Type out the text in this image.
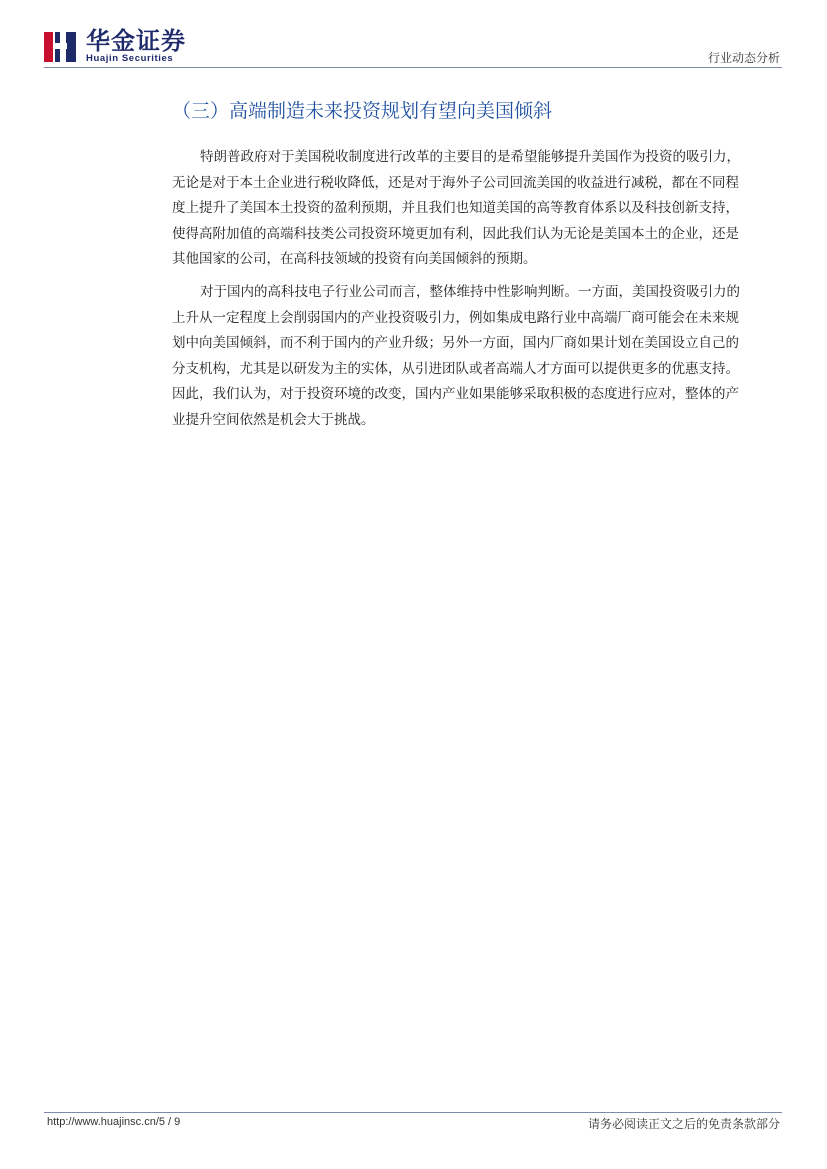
华金证券
Huajin Securities	行业动态分析
（三）高端制造未来投资规划有望向美国倾斜
特朗普政府对于美国税收制度进行改革的主要目的是希望能够提升美国作为投资的吸引力，
无论是对于本土企业进行税收降低，还是对于海外子公司回流美国的收益进行减税，都在不同程
度上提升了美国本土投资的盈利预期，并且我们也知道美国的高等教育体系以及科技创新支持，
使得高附加值的高端科技类公司投资环境更加有利，因此我们认为无论是美国本土的企业，还是
其他国家的公司，在高科技领域的投资有向美国倾斜的预期。
对于国内的高科技电子行业公司而言，整体维持中性影响判断。一方面，美国投资吸引力的
上升从一定程度上会削弱国内的产业投资吸引力，例如集成电路行业中高端厂商可能会在未来规
划中向美国倾斜，而不利于国内的产业升级；另外一方面，国内厂商如果计划在美国设立自己的
分支机构，尤其是以研发为主的实体，从引进团队或者高端人才方面可以提供更多的优惠支持。
因此，我们认为，对于投资环境的改变，国内产业如果能够采取积极的态度进行应对，整体的产
业提升空间依然是机会大于挑战。
http://www.huajinsc.cn/5 / 9	请务必阅读正文之后的免责条款部分
